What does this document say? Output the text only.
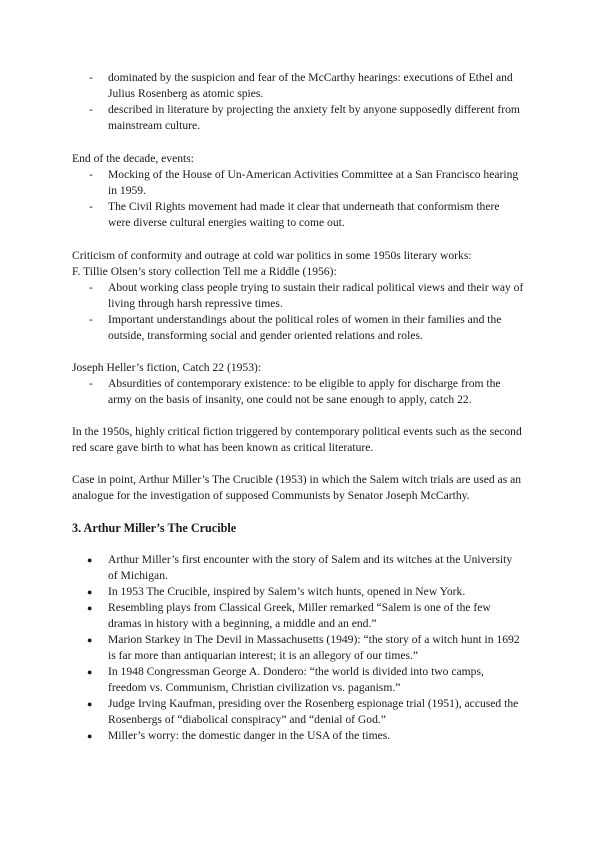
- dominated by the suspicion and fear of the McCarthy hearings: executions of Ethel and Julius Rosenberg as atomic spies.
- described in literature by projecting the anxiety felt by anyone supposedly different from mainstream culture.

End of the decade, events:

- Mocking of the House of Un-American Activities Committee at a San Francisco hearing in 1959.
- The Civil Rights movement had made it clear that underneath that conformism there were diverse cultural energies waiting to come out.

Criticism of conformity and outrage at cold war politics in some 1950s literary works:

F. Tillie Olsen’s story collection Tell me a Riddle (1956):

- About working class people trying to sustain their radical political views and their way of living through harsh repressive times.
- Important understandings about the political roles of women in their families and the outside, transforming social and gender oriented relations and roles.

Joseph Heller’s fiction, Catch 22 (1953):

- Absurdities of contemporary existence: to be eligible to apply for discharge from the army on the basis of insanity, one could not be sane enough to apply, catch 22.

In the 1950s, highly critical fiction triggered by contemporary political events such as the second red scare gave birth to what has been known as critical literature.

Case in point, Arthur Miller’s The Crucible (1953) in which the Salem witch trials are used as an analogue for the investigation of supposed Communists by Senator Joseph McCarthy.

3. Arthur Miller’s The Crucible

● Arthur Miller’s first encounter with the story of Salem and its witches at the University of Michigan.
● In 1953 The Crucible, inspired by Salem’s witch hunts, opened in New York.
● Resembling plays from Classical Greek, Miller remarked “Salem is one of the few dramas in history with a beginning, a middle and an end.”
● Marion Starkey in The Devil in Massachusetts (1949): “the story of a witch hunt in 1692 is far more than antiquarian interest; it is an allegory of our times.”
● In 1948 Congressman George A. Dondero: “the world is divided into two camps, freedom vs. Communism, Christian civilization vs. paganism.”
● Judge Irving Kaufman, presiding over the Rosenberg espionage trial (1951), accused the Rosenbergs of “diabolical conspiracy” and “denial of God.”
● Miller’s worry: the domestic danger in the USA of the times.
